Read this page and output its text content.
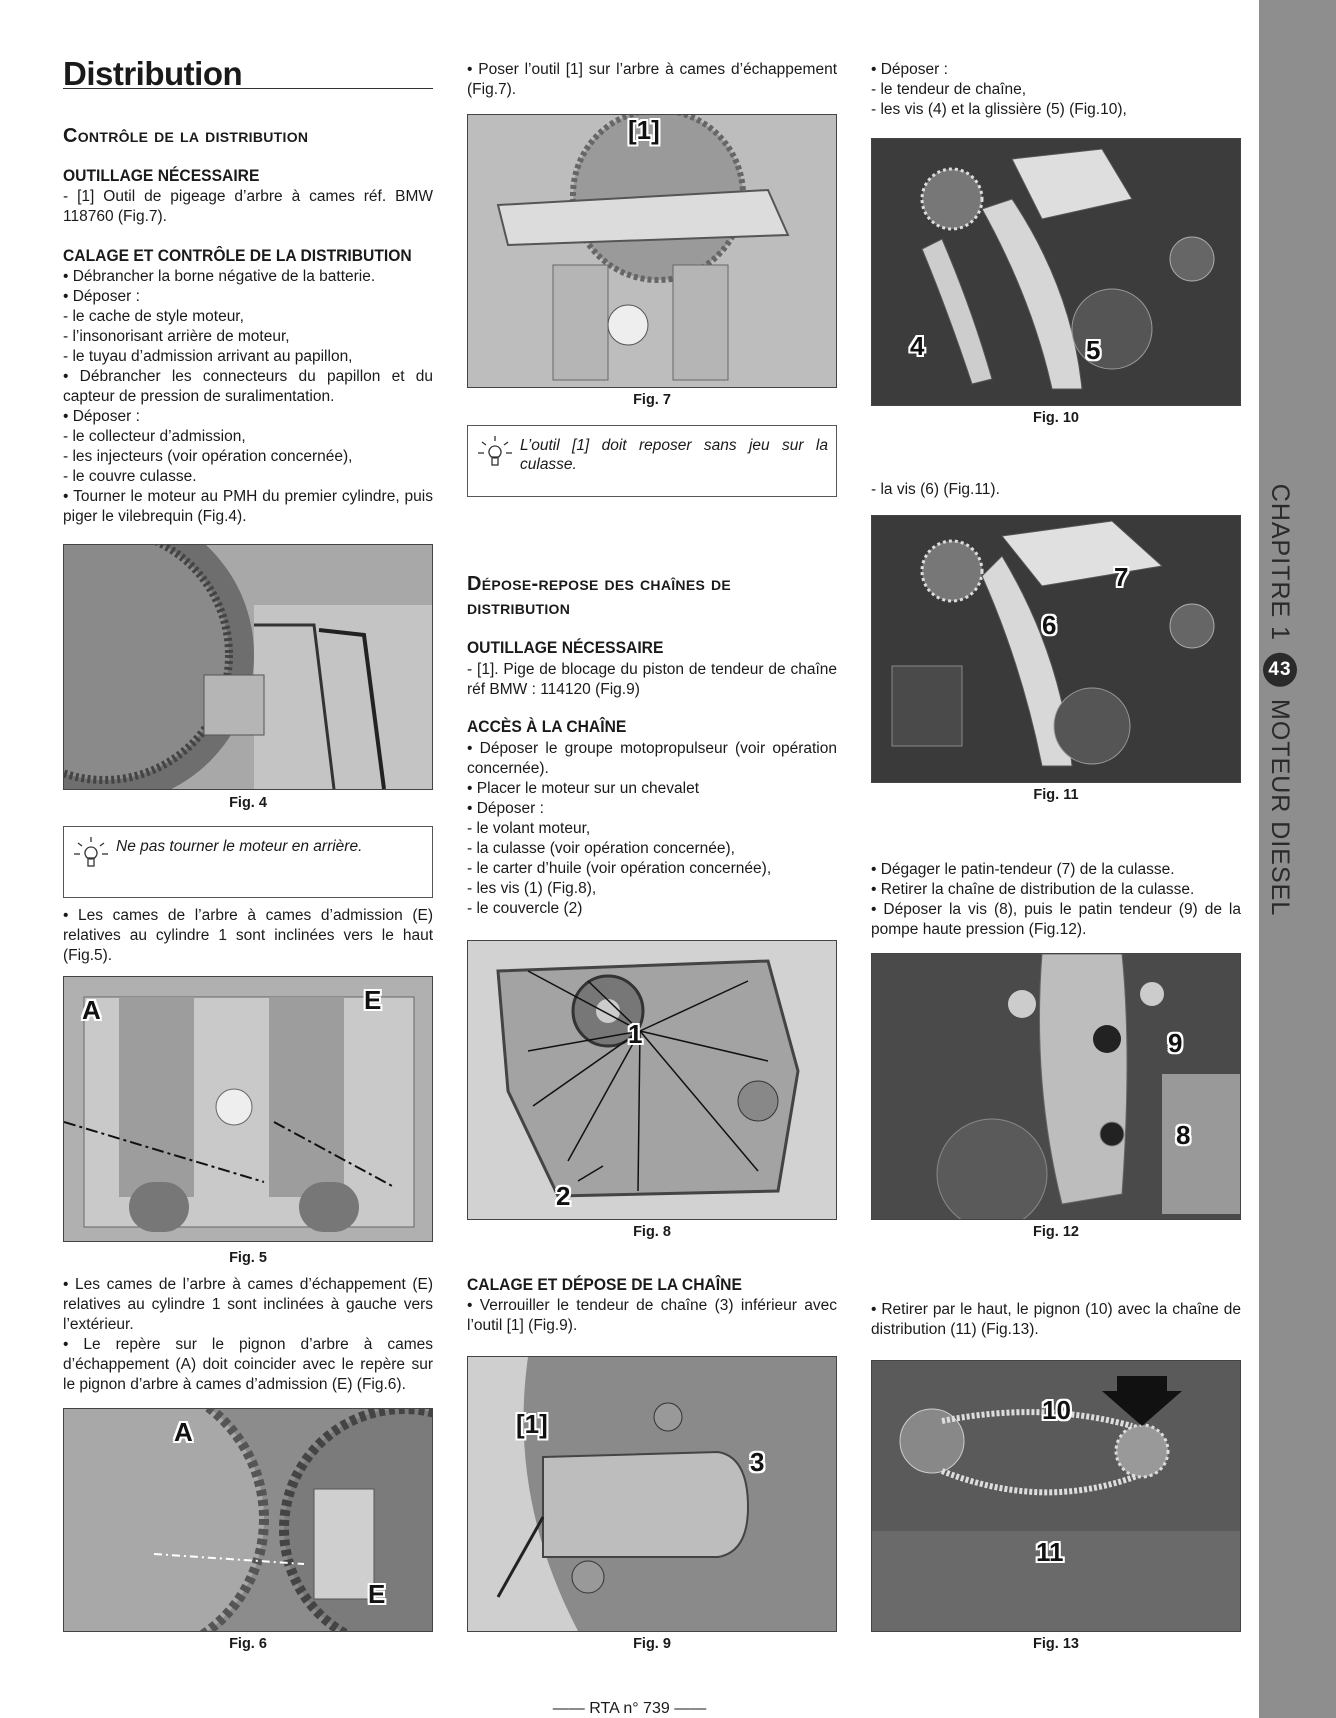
CHAPITRE 1
43
MOTEUR DIESEL
Distribution
Contrôle de la distribution
OUTILLAGE NÉCESSAIRE
- [1] Outil de pigeage d’arbre à cames réf. BMW 118760 (Fig.7).
CALAGE ET CONTRÔLE DE LA DISTRIBUTION
• Débrancher la borne négative de la batterie.
• Déposer :
- le cache de style moteur,
- l’insonorisant arrière de moteur,
- le tuyau d’admission arrivant au papillon,
• Débrancher les connecteurs du papillon et du capteur de pression de suralimentation.
• Déposer :
- le collecteur d’admission,
- les injecteurs (voir opération concernée),
- le couvre culasse.
• Tourner le moteur au PMH du premier cylindre, puis piger le vilebrequin (Fig.4).
Fig. 4
Ne pas tourner le moteur en arrière.
• Les cames de l’arbre à cames d’admission (E) relatives au cylindre 1 sont inclinées vers le haut (Fig.5).
A	E
Fig. 5
• Les cames de l’arbre à cames d’échappement (E) relatives au cylindre 1 sont inclinées à gauche vers l’extérieur.
• Le repère sur le pignon d’arbre à cames d’échappement (A) doit coincider avec le repère sur le pignon d’arbre à cames d’admission (E) (Fig.6).
A
E
Fig. 6
• Poser l’outil [1] sur l’arbre à cames d’échappement (Fig.7).
[1]
Fig. 7
L’outil [1] doit reposer sans jeu sur la culasse.
Dépose-repose des chaînes de distribution
OUTILLAGE NÉCESSAIRE
- [1]. Pige de blocage du piston de tendeur de chaîne réf BMW : 114120 (Fig.9)
ACCÈS À LA CHAÎNE
• Déposer le groupe motopropulseur (voir opération concernée).
• Placer le moteur sur un chevalet
• Déposer :
- le volant moteur,
- la culasse (voir opération concernée),
- le carter d’huile (voir opération concernée),
- les vis (1) (Fig.8),
- le couvercle (2)
1
2
Fig. 8
CALAGE ET DÉPOSE DE LA CHAÎNE
• Verrouiller le tendeur de chaîne (3) inférieur avec l’outil [1] (Fig.9).
[1]
3
Fig. 9
• Déposer :
- le tendeur de chaîne,
- les vis (4) et la glissière (5) (Fig.10),
4	5
Fig. 10
- la vis (6) (Fig.11).
7
6
Fig. 11
• Dégager le patin-tendeur (7) de la culasse.
• Retirer la chaîne de distribution de la culasse.
• Déposer la vis (8), puis le patin tendeur (9) de la pompe haute pression (Fig.12).
9
8
Fig. 12
• Retirer par le haut, le pignon (10) avec la chaîne de distribution (11) (Fig.13).
10
11
Fig. 13
—— RTA n° 739 ——
